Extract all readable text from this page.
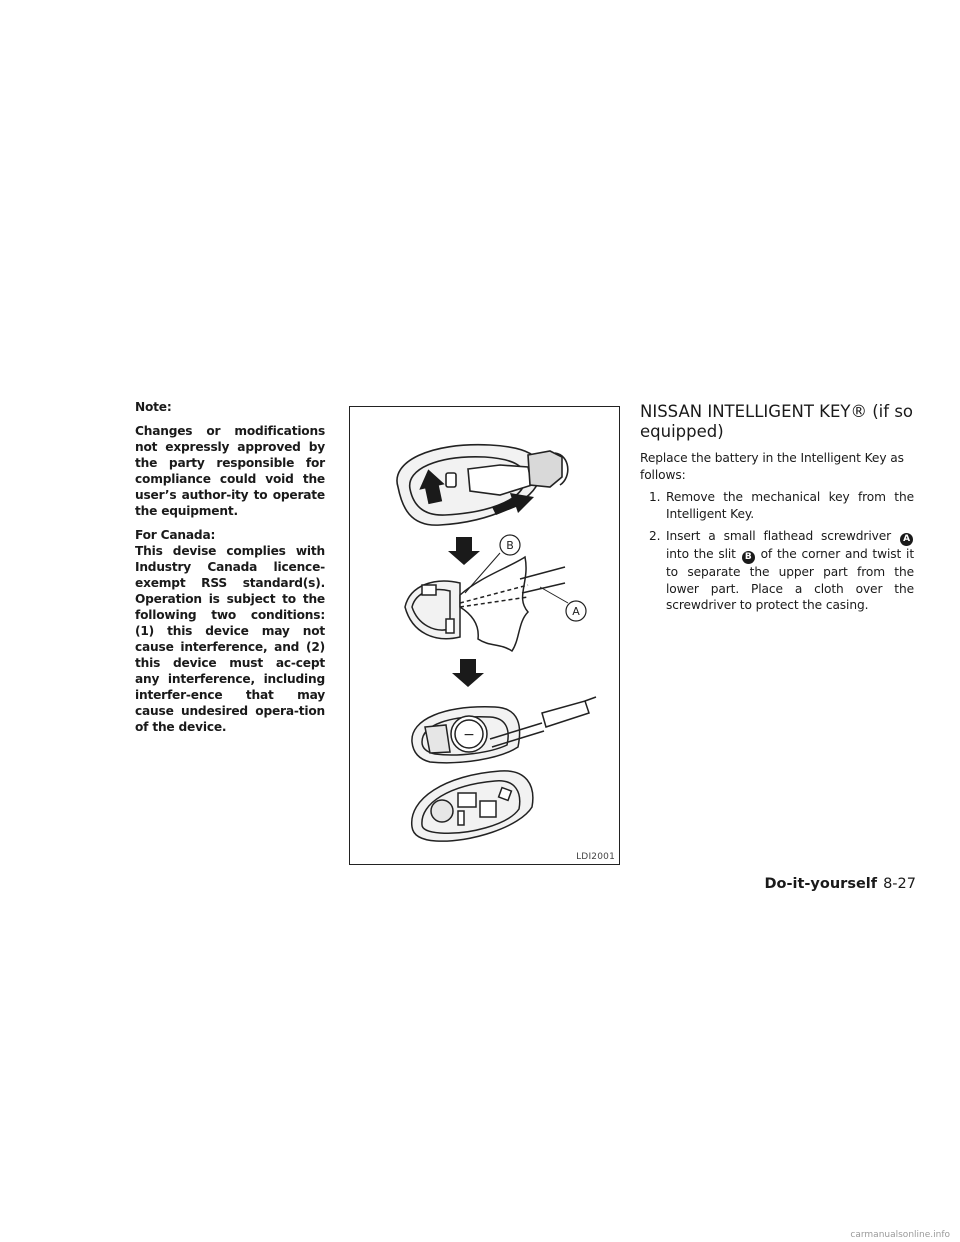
Note:

Changes or modifications not expressly approved by the party responsible for compliance could void the user’s author-ity to operate the equipment.

For Canada:

This devise complies with Industry Canada licence-exempt RSS standard(s). Operation is subject to the following two conditions: (1) this device may not cause interference, and (2) this device must ac-cept any interference, including interfer-ence that may cause undesired opera-tion of the device.

B
A
−
LDI2001
NISSAN INTELLIGENT KEY® (if so equipped)

Replace the battery in the Intelligent Key as follows:

1. Remove the mechanical key from the Intelligent Key.
2. Insert a small flathead screwdriver A into the slit B of the corner and twist it to separate the upper part from the lower part. Place a cloth over the screwdriver to protect the casing.
Do-it-yourself 8-27
carmanualsonline.info
